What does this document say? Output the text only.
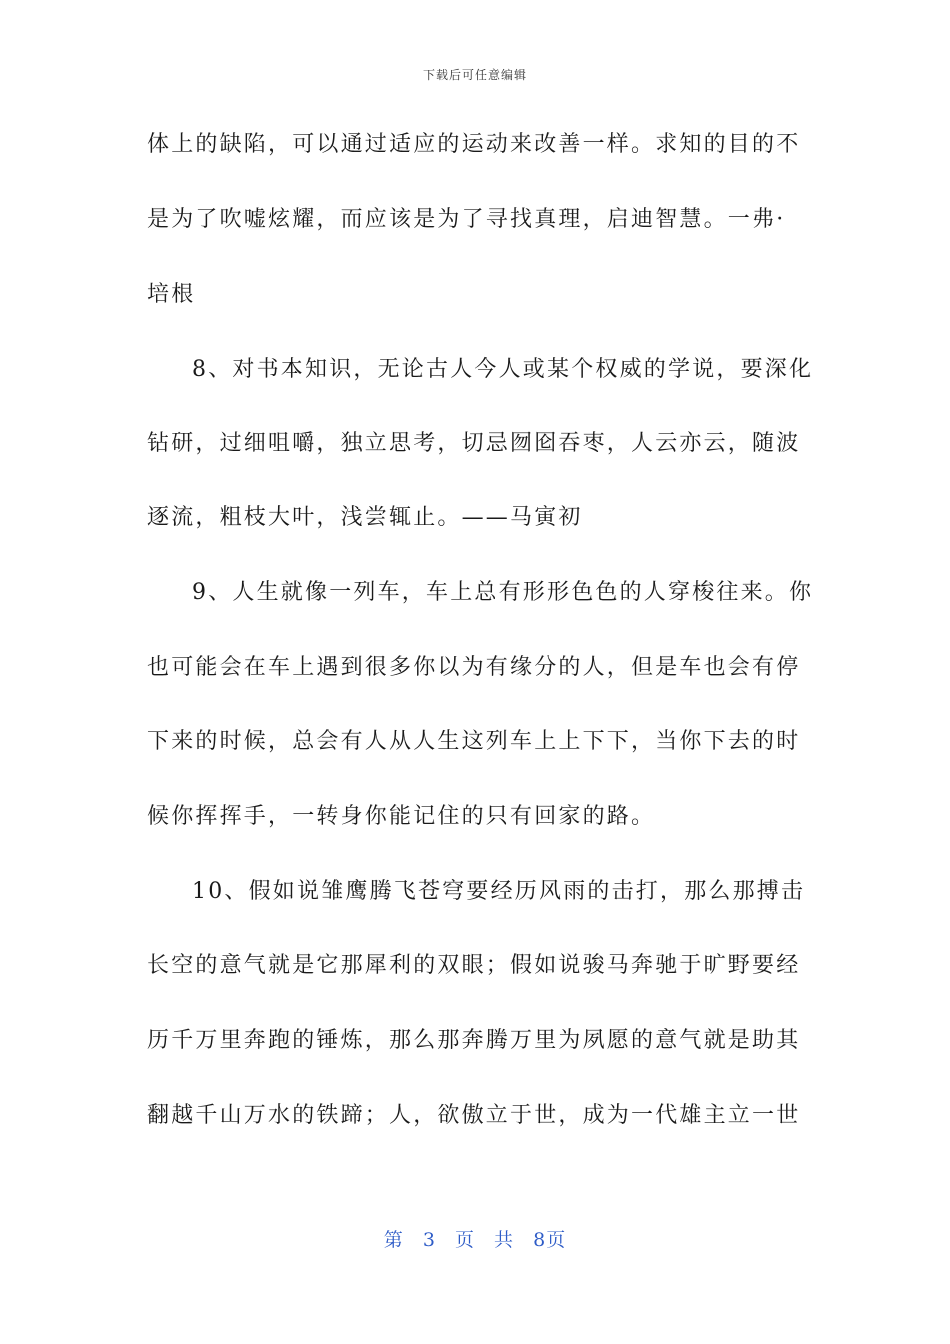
下载后可任意编辑
体上的缺陷，可以通过适应的运动来改善一样。求知的目的不
是为了吹嘘炫耀，而应该是为了寻找真理，启迪智慧。一弗·
培根
8、对书本知识，无论古人今人或某个权威的学说，要深化
钻研，过细咀嚼，独立思考，切忌囫囵吞枣，人云亦云，随波
逐流，粗枝大叶，浅尝辄止。——马寅初
9、人生就像一列车，车上总有形形色色的人穿梭往来。你
也可能会在车上遇到很多你以为有缘分的人，但是车也会有停
下来的时候，总会有人从人生这列车上上下下，当你下去的时
候你挥挥手，一转身你能记住的只有回家的路。
10、假如说雏鹰腾飞苍穹要经历风雨的击打，那么那搏击
长空的意气就是它那犀利的双眼；假如说骏马奔驰于旷野要经
历千万里奔跑的锤炼，那么那奔腾万里为夙愿的意气就是助其
翻越千山万水的铁蹄；人，欲傲立于世，成为一代雄主立一世
第 3 页 共 8页
